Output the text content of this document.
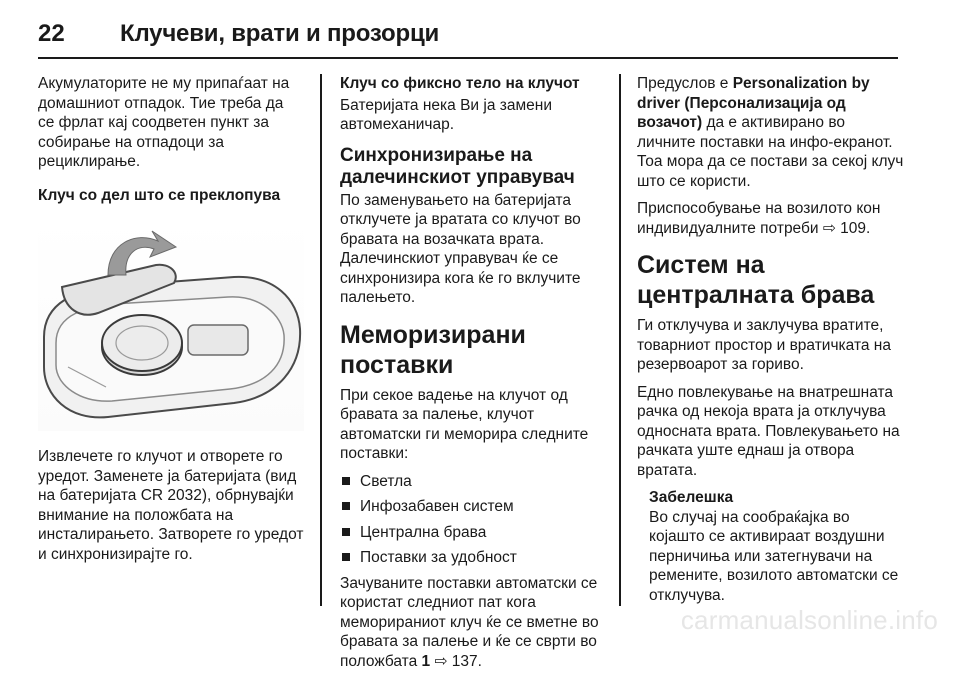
22	Клучеви, врати и прозорци

Акумулаторите не му припаѓаат на домашниот отпадок. Тие треба да се фрлат кај соодветен пункт за собирање на отпадоци за рециклирање.

Клуч со дел што се преклопува

Извлечете го клучот и отворете го уредот. Заменете ја батеријата (вид на батеријата CR 2032), обрнувајќи внимание на положбата на инсталирањето. Затворете го уредот и синхронизирајте го.

Клуч со фиксно тело на клучот

Батеријата нека Ви ја замени автомеханичар.

Синхронизирање на далечинскиот управувач

По заменувањето на батеријата отклучете ја вратата со клучот во бравата на возачката врата. Далечинскиот управувач ќе се синхронизира кога ќе го вклучите палењето.

Меморизирани поставки

При секое вадење на клучот од бравата за палење, клучот автоматски ги меморира следните поставки:

Светла
Инфозабавен систем
Централна брава
Поставки за удобност

Зачуваните поставки автоматски се користат следниот пат кога меморираниот клуч ќе се вметне во бравата за палење и ќе се сврти во положбата 1 ⇨ 137.

Предуслов е Personalization by driver (Персонализација од возачот) да е активирано во личните поставки на инфо-екранот. Тоа мора да се постави за секој клуч што се користи.

Приспособување на возилото кон индивидуалните потреби ⇨ 109.

Систем на централната брава

Ги отклучува и заклучува вратите, товарниот простор и вратичката на резервоарот за гориво.

Едно повлекување на внатрешната рачка од некоја врата ја отклучува односната врата. Повлекувањето на рачката уште еднаш ја отвора вратата.

Забелешка
Во случај на сообраќајка во којашто се активираат воздушни перничиња или затегнувачи на ремените, возилото автоматски се отклучува.
carmanualsonline.info
